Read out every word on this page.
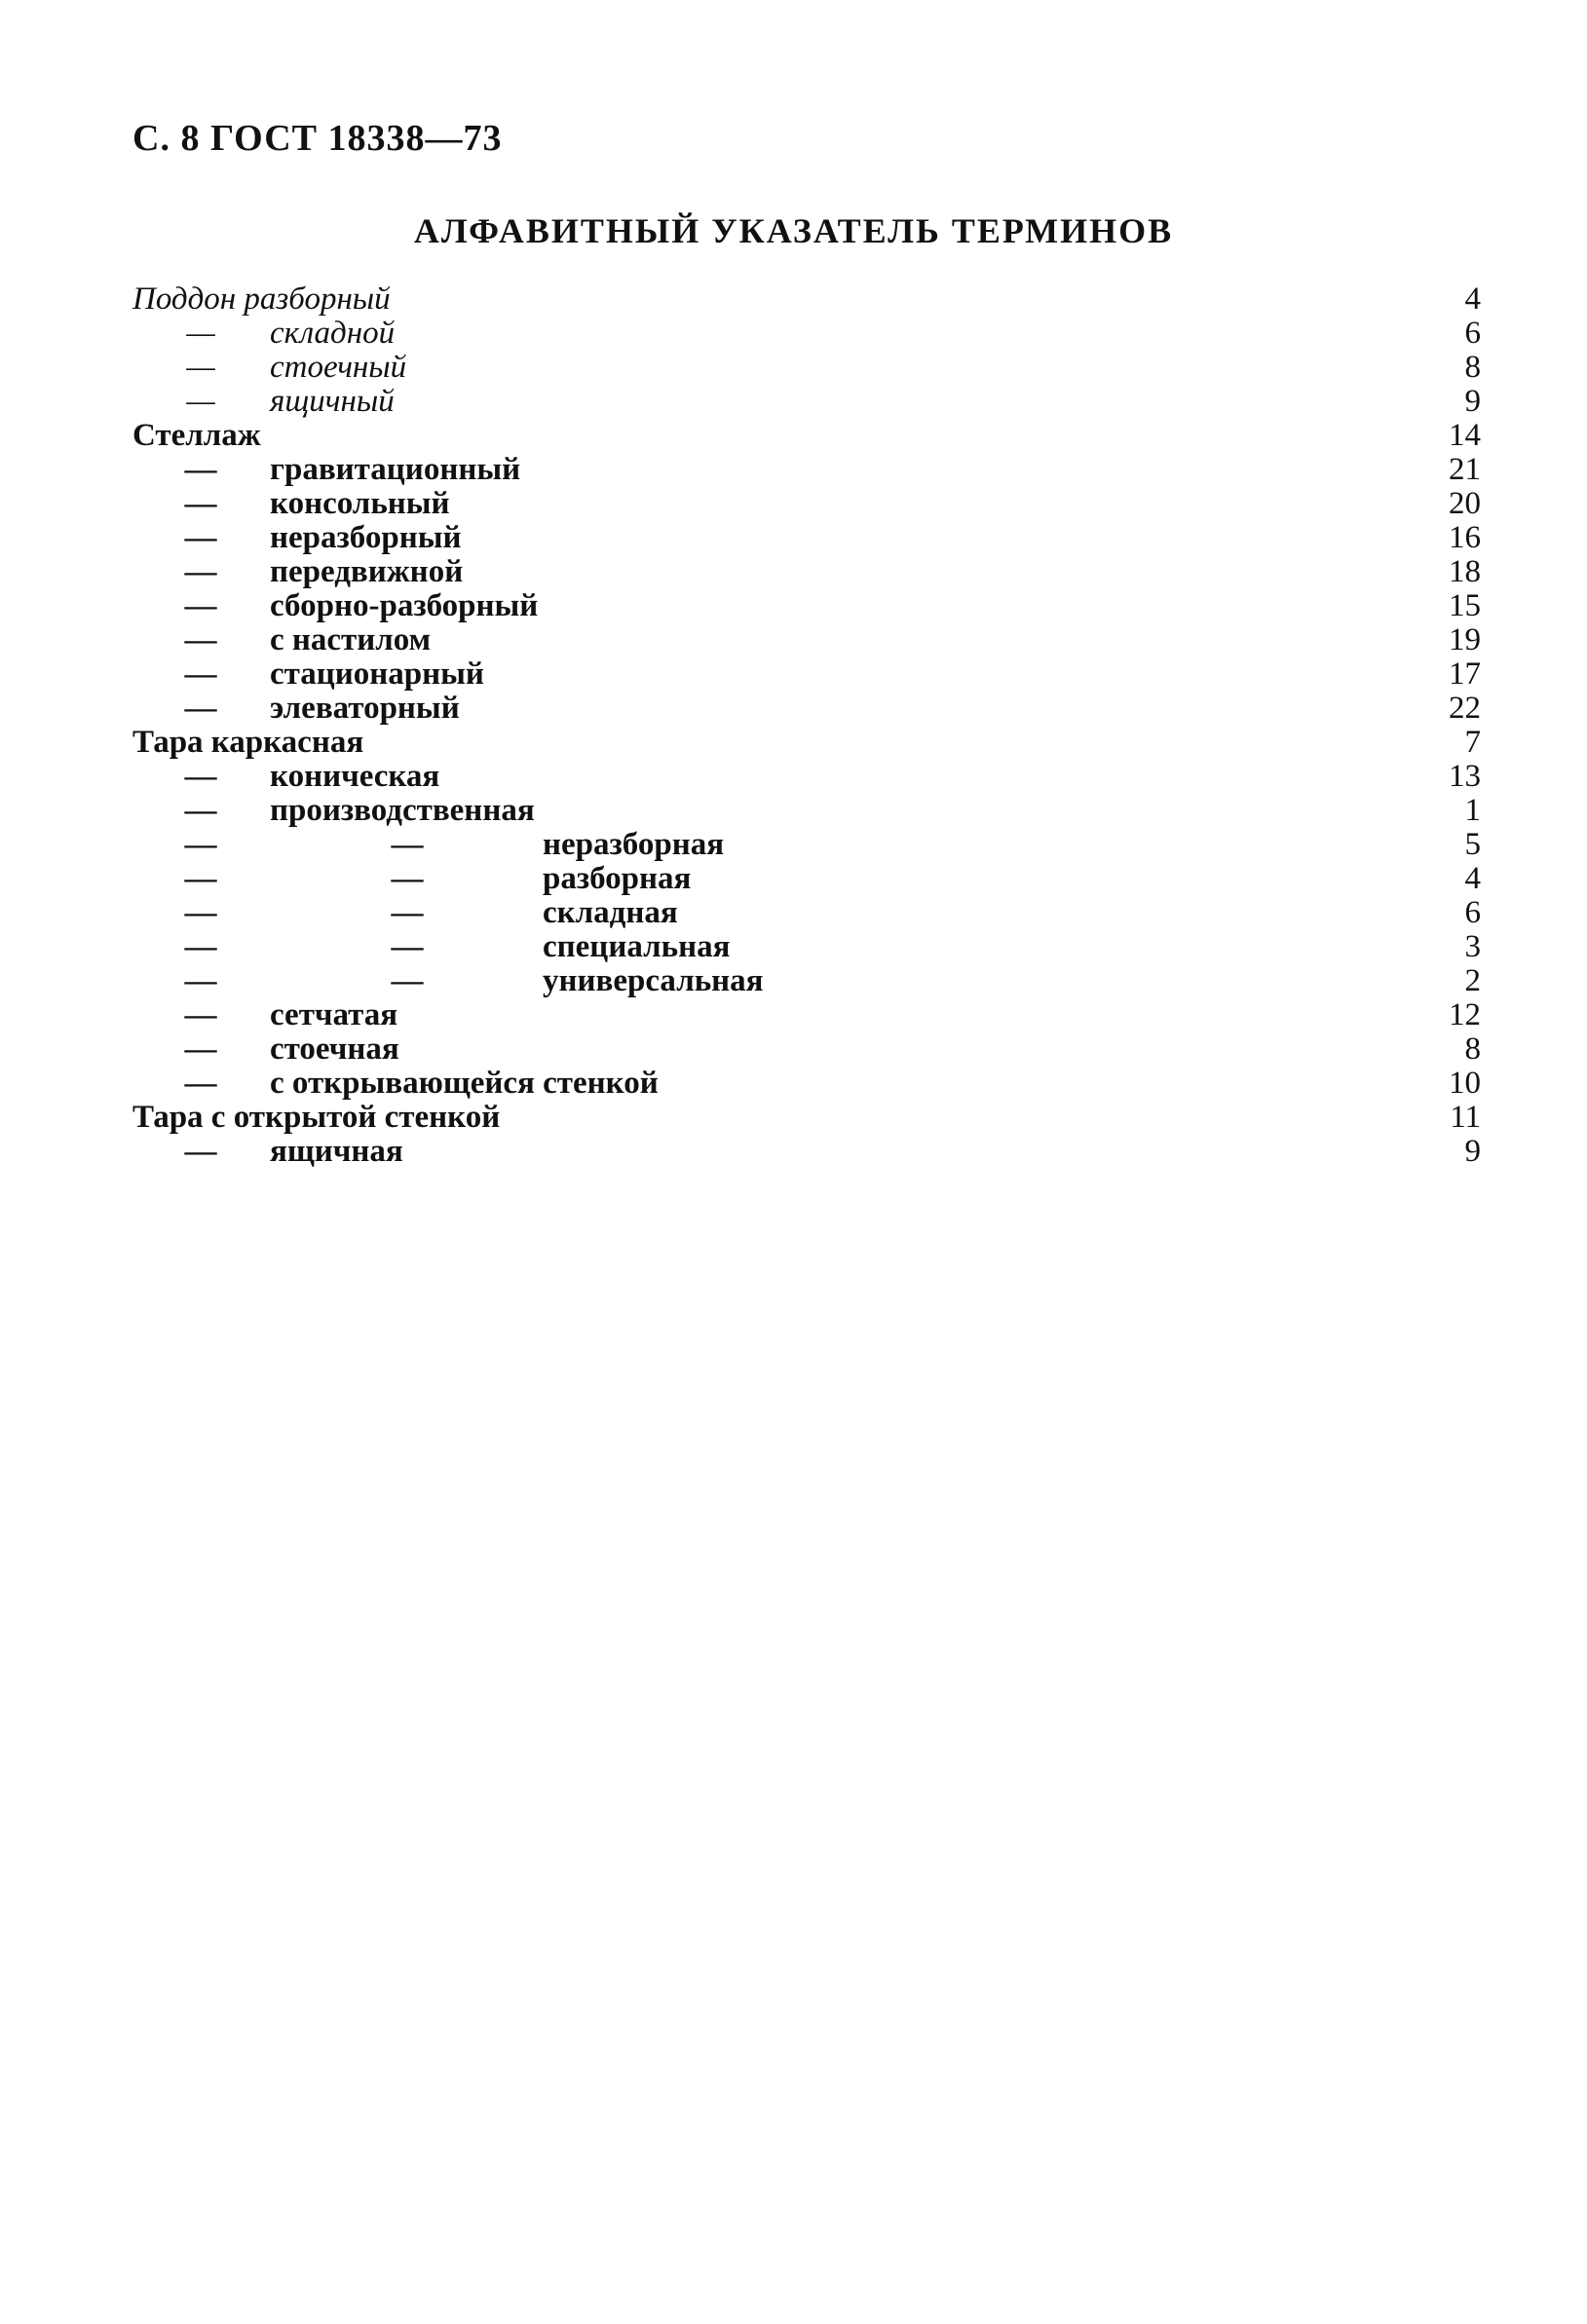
С. 8 ГОСТ 18338—73
АЛФАВИТНЫЙ УКАЗАТЕЛЬ ТЕРМИНОВ
Поддон разборный	4
— складной	6
— стоечный	8
— ящичный	9
Стеллаж	14
— гравитационный	21
— консольный	20
— неразборный	16
— передвижной	18
— сборно-разборный	15
— с настилом	19
— стационарный	17
— элеваторный	22
Тара каркасная	7
— коническая	13
— производственная	1
—	—	неразборная	5
—	—	разборная	4
—	—	складная	6
—	—	специальная	3
—	—	универсальная	2
— сетчатая	12
— стоечная	8
— с открывающейся стенкой	10
Тара с открытой стенкой	11
— ящичная	9
